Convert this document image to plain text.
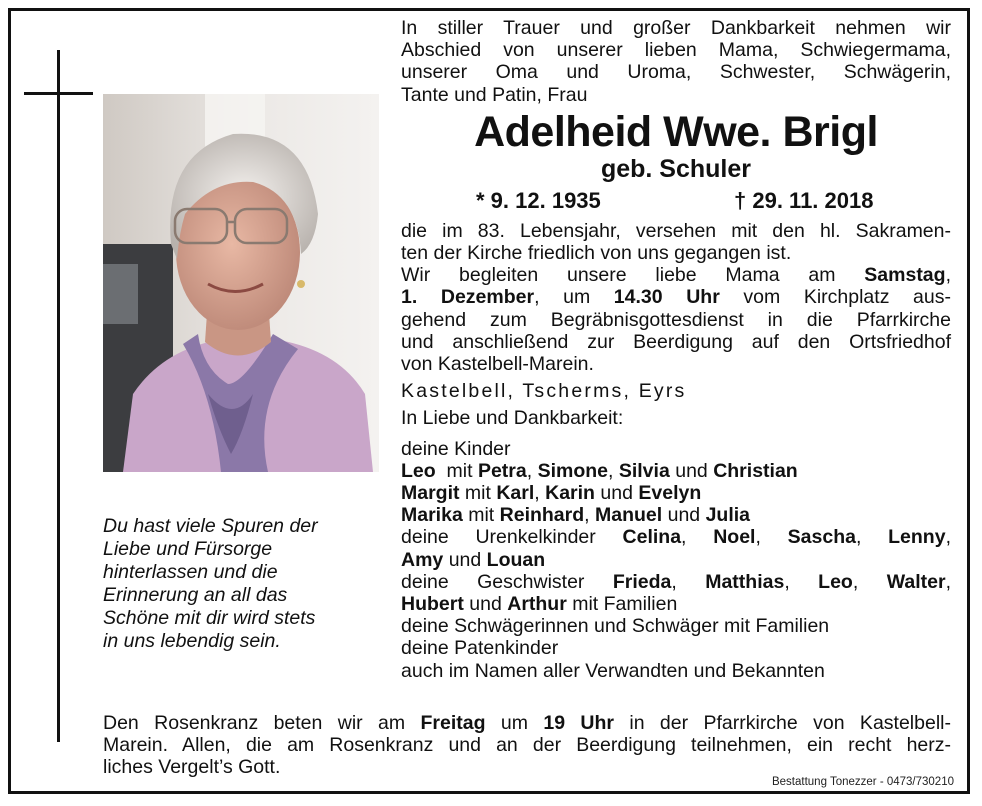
Du hast viele Spuren der
Liebe und Fürsorge
hinterlassen und die
Erinnerung an all das
Schöne mit dir wird stets
in uns lebendig sein.
In stiller Trauer und großer Dankbarkeit nehmen wir
Abschied von unserer lieben Mama, Schwiegermama,
unserer Oma und Uroma, Schwester, Schwägerin,
Tante und Patin, Frau
Adelheid Wwe. Brigl
geb. Schuler
* 9. 12. 1935	† 29. 11. 2018
die im 83. Lebensjahr, versehen mit den hl. Sakramen-
ten der Kirche friedlich von uns gegangen ist.
Wir begleiten unsere liebe Mama am Samstag,
1. Dezember, um 14.30 Uhr vom Kirchplatz aus-
gehend zum Begräbnisgottesdienst in die Pfarrkirche
und anschließend zur Beerdigung auf den Ortsfriedhof
von Kastelbell-Marein.
Kastelbell, Tscherms, Eyrs
In Liebe und Dankbarkeit:
deine Kinder
Leo mit Petra, Simone, Silvia und Christian
Margit mit Karl, Karin und Evelyn
Marika mit Reinhard, Manuel und Julia
deine Urenkelkinder Celina, Noel, Sascha, Lenny,
Amy und Louan
deine Geschwister Frieda, Matthias, Leo, Walter,
Hubert und Arthur mit Familien
deine Schwägerinnen und Schwäger mit Familien
deine Patenkinder
auch im Namen aller Verwandten und Bekannten
Den Rosenkranz beten wir am Freitag um 19 Uhr in der Pfarrkirche von Kastelbell-
Marein. Allen, die am Rosenkranz und an der Beerdigung teilnehmen, ein recht herz-
liches Vergelt’s Gott.
Bestattung Tonezzer - 0473/730210
